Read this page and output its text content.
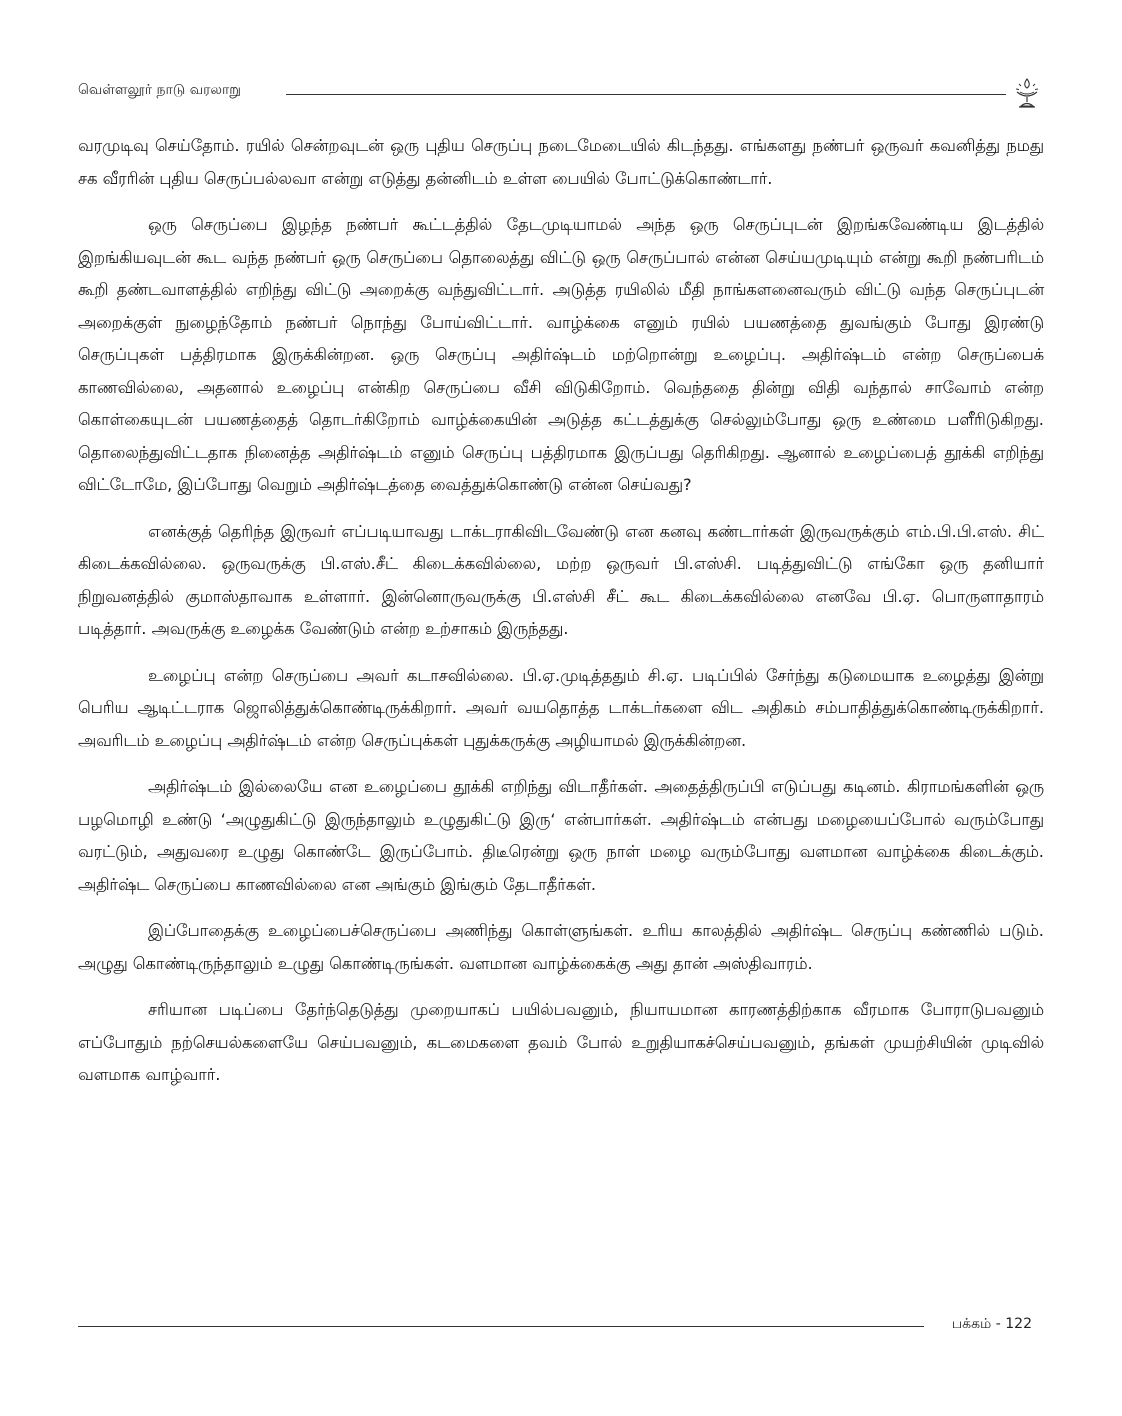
வெள்ளலூர் நாடு வரலாறு

வரமுடிவு செய்தோம். ரயில் சென்றவுடன் ஒரு புதிய செருப்பு நடைமேடையில் கிடந்தது. எங்களது நண்பர் ஒருவர் கவனித்து நமது சக வீரரின் புதிய செருப்பல்லவா என்று எடுத்து தன்னிடம் உள்ள பையில் போட்டுக்கொண்டார்.

ஒரு செருப்பை இழந்த நண்பர் கூட்டத்தில் தேடமுடியாமல் அந்த ஒரு செருப்புடன் இறங்கவேண்டிய இடத்தில் இறங்கியவுடன் கூட வந்த நண்பர் ஒரு செருப்பை தொலைத்து விட்டு ஒரு செருப்பால் என்ன செய்யமுடியும் என்று கூறி நண்பரிடம் கூறி தண்டவாளத்தில் எறிந்து விட்டு அறைக்கு வந்துவிட்டார். அடுத்த ரயிலில் மீதி நாங்களனைவரும் விட்டு வந்த செருப்புடன் அறைக்குள் நுழைந்தோம் நண்பர் நொந்து போய்விட்டார். வாழ்க்கை எனும் ரயில் பயணத்தை துவங்கும் போது இரண்டு செருப்புகள் பத்திரமாக இருக்கின்றன. ஒரு செருப்பு அதிர்ஷ்டம் மற்றொன்று உழைப்பு. அதிர்ஷ்டம் என்ற செருப்பைக் காணவில்லை, அதனால் உழைப்பு என்கிற செருப்பை வீசி விடுகிறோம். வெந்ததை தின்று விதி வந்தால் சாவோம் என்ற கொள்கையுடன் பயணத்தைத் தொடர்கிறோம் வாழ்க்கையின் அடுத்த கட்டத்துக்கு செல்லும்போது ஒரு உண்மை பளீரிடுகிறது. தொலைந்துவிட்டதாக நினைத்த அதிர்ஷ்டம் எனும் செருப்பு பத்திரமாக இருப்பது தெரிகிறது. ஆனால் உழைப்பைத் தூக்கி எறிந்து விட்டோமே, இப்போது வெறும் அதிர்ஷ்டத்தை வைத்துக்கொண்டு என்ன செய்வது?

எனக்குத் தெரிந்த இருவர் எப்படியாவது டாக்டராகிவிடவேண்டு என கனவு கண்டார்கள் இருவருக்கும் எம்.பி.பி.எஸ். சிட் கிடைக்கவில்லை. ஒருவருக்கு பி.எஸ்.சீட் கிடைக்கவில்லை, மற்ற ஒருவர் பி.எஸ்சி. படித்துவிட்டு எங்கோ ஒரு தனியார் நிறுவனத்தில் குமாஸ்தாவாக உள்ளார். இன்னொருவருக்கு பி.எஸ்சி சீட் கூட கிடைக்கவில்லை எனவே பி.ஏ. பொருளாதாரம் படித்தார். அவருக்கு உழைக்க வேண்டும் என்ற உற்சாகம் இருந்தது.

உழைப்பு என்ற செருப்பை அவர் கடாசவில்லை. பி.ஏ.முடித்ததும் சி.ஏ. படிப்பில் சேர்ந்து கடுமையாக உழைத்து இன்று பெரிய ஆடிட்டராக ஜொலித்துக்கொண்டிருக்கிறார். அவர் வயதொத்த டாக்டர்களை விட அதிகம் சம்பாதித்துக்கொண்டிருக்கிறார். அவரிடம் உழைப்பு அதிர்ஷ்டம் என்ற செருப்புக்கள் புதுக்கருக்கு அழியாமல் இருக்கின்றன.

அதிர்ஷ்டம் இல்லையே என உழைப்பை தூக்கி எறிந்து விடாதீர்கள். அதைத்திருப்பி எடுப்பது கடினம். கிராமங்களின் ஒரு பழமொழி உண்டு ‘அழுதுகிட்டு இருந்தாலும் உழுதுகிட்டு இரு‘ என்பார்கள். அதிர்ஷ்டம் என்பது மழையைப்போல் வரும்போது வரட்டும், அதுவரை உழுது கொண்டே இருப்போம். திடீரென்று ஒரு நாள் மழை வரும்போது வளமான வாழ்க்கை கிடைக்கும். அதிர்ஷ்ட செருப்பை காணவில்லை என அங்கும் இங்கும் தேடாதீர்கள்.

இப்போதைக்கு உழைப்பைச்செருப்பை அணிந்து கொள்ளுங்கள். உரிய காலத்தில் அதிர்ஷ்ட செருப்பு கண்ணில் படும். அழுது கொண்டிருந்தாலும் உழுது கொண்டிருங்கள். வளமான வாழ்க்கைக்கு அது தான் அஸ்திவாரம்.

சரியான படிப்பை தேர்ந்தெடுத்து முறையாகப் பயில்பவனும், நியாயமான காரணத்திற்காக வீரமாக போராடுபவனும் எப்போதும் நற்செயல்களையே செய்பவனும், கடமைகளை தவம் போல் உறுதியாகச்செய்பவனும், தங்கள் முயற்சியின் முடிவில் வளமாக வாழ்வார்.

பக்கம் - 122
